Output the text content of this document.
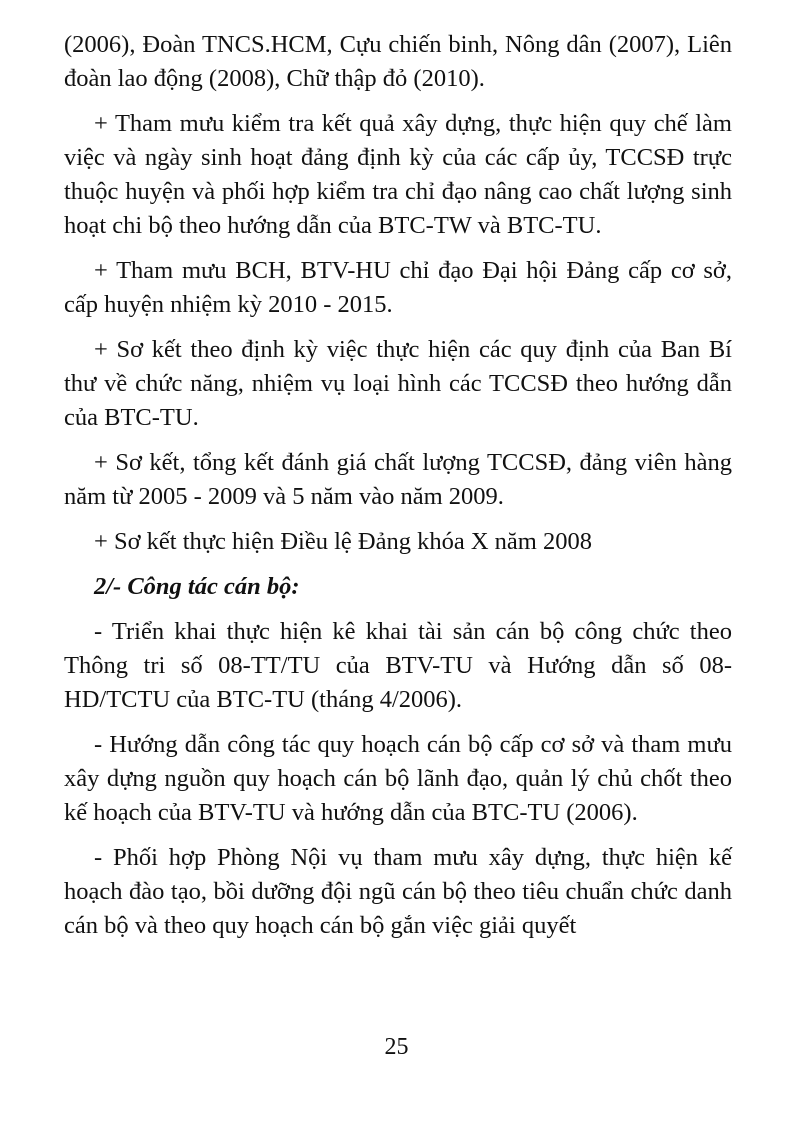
(2006), Đoàn TNCS.HCM, Cựu chiến binh, Nông dân (2007), Liên đoàn lao động (2008), Chữ thập đỏ (2010).

+ Tham mưu kiểm tra kết quả xây dựng, thực hiện quy chế làm việc và ngày sinh hoạt đảng định kỳ của các cấp ủy, TCCSĐ trực thuộc huyện và phối hợp kiểm tra chỉ đạo nâng cao chất lượng sinh hoạt chi bộ theo hướng dẫn của BTC-TW và BTC-TU.

+ Tham mưu BCH, BTV-HU chỉ đạo Đại hội Đảng cấp cơ sở, cấp huyện nhiệm kỳ 2010 - 2015.

+ Sơ kết theo định kỳ việc thực hiện các quy định của Ban Bí thư về chức năng, nhiệm vụ loại hình các TCCSĐ theo hướng dẫn của BTC-TU.

+ Sơ kết, tổng kết đánh giá chất lượng TCCSĐ, đảng viên hàng năm từ 2005 - 2009 và 5 năm vào năm 2009.

+ Sơ kết thực hiện Điều lệ Đảng khóa X năm 2008

2/- Công tác cán bộ:

- Triển khai thực hiện kê khai tài sản cán bộ công chức theo Thông tri số 08-TT/TU của BTV-TU và Hướng dẫn số 08-HD/TCTU của BTC-TU (tháng 4/2006).

- Hướng dẫn công tác quy hoạch cán bộ cấp cơ sở và tham mưu xây dựng nguồn quy hoạch cán bộ lãnh đạo, quản lý chủ chốt theo kế hoạch của BTV-TU và hướng dẫn của BTC-TU (2006).

- Phối hợp Phòng Nội vụ tham mưu xây dựng, thực hiện kế hoạch đào tạo, bồi dưỡng đội ngũ cán bộ theo tiêu chuẩn chức danh cán bộ và theo quy hoạch cán bộ gắn việc giải quyết

25
